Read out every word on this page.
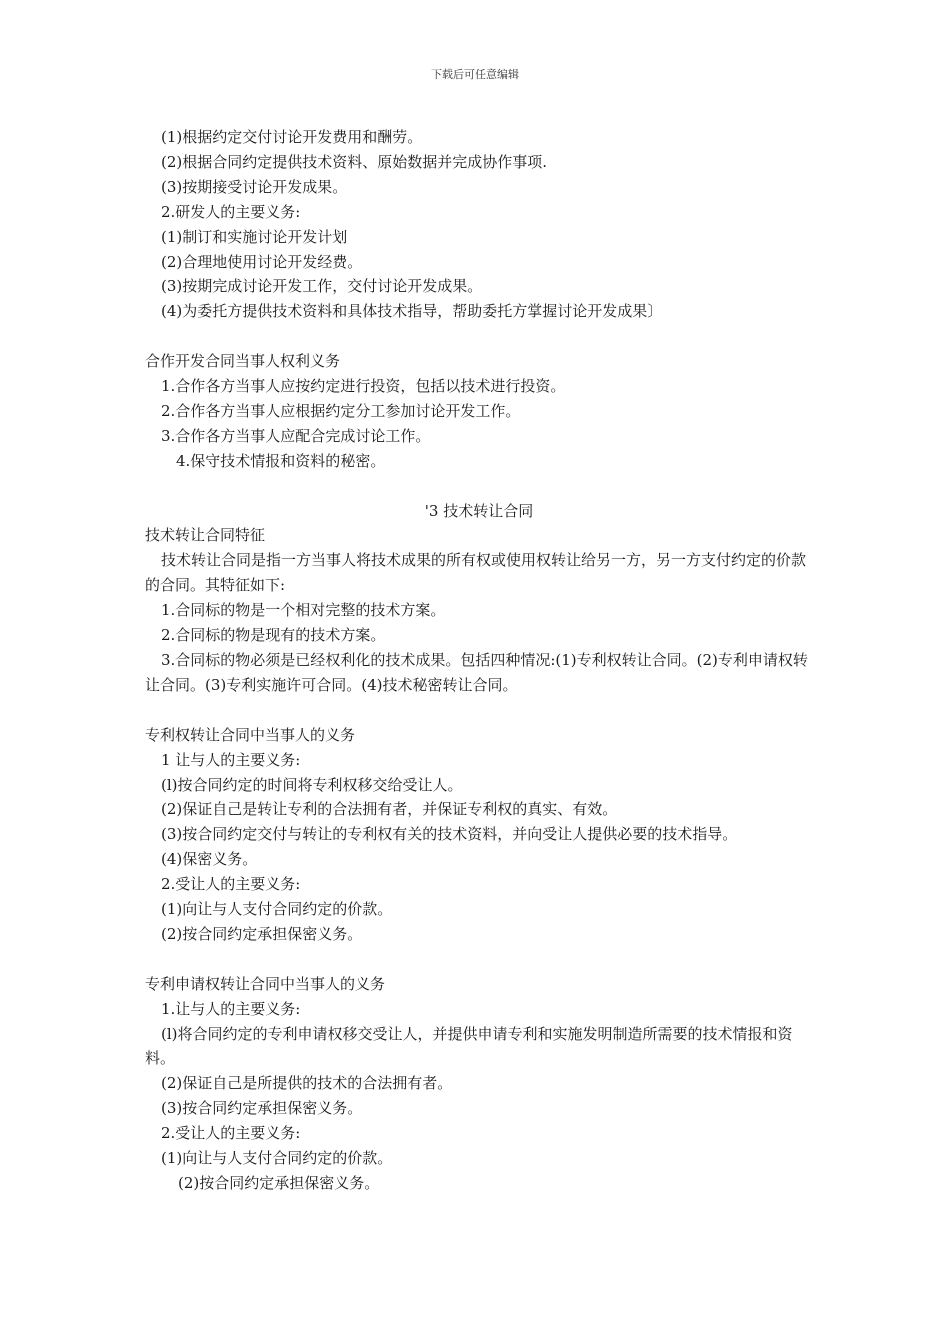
下载后可任意编辑
(1)根据约定交付讨论开发费用和酬劳。
(2)根据合同约定提供技术资料、原始数据并完成协作事项.
(3)按期接受讨论开发成果。
2.研发人的主要义务:
(1)制订和实施讨论开发计划
(2)合理地使用讨论开发经费。
(3)按期完成讨论开发工作，交付讨论开发成果。
(4)为委托方提供技术资料和具体技术指导，帮助委托方掌握讨论开发成果〕
合作开发合同当事人权利义务
1.合作各方当事人应按约定进行投资，包括以技术进行投资。
2.合作各方当事人应根据约定分工参加讨论开发工作。
3.合作各方当事人应配合完成讨论工作。
4.保守技术情报和资料的秘密。
'3 技术转让合同
技术转让合同特征
技术转让合同是指一方当事人将技术成果的所有权或使用权转让给另一方，另一方支付约定的价款的合同。其特征如下:
1.合同标的物是一个相对完整的技术方案。
2.合同标的物是现有的技术方案。
3.合同标的物必须是已经权利化的技术成果。包括四种情况:(1)专利权转让合同。(2)专利申请权转让合同。(3)专利实施许可合同。(4)技术秘密转让合同。
专利权转让合同中当事人的义务
1 让与人的主要义务:
(l)按合同约定的时间将专利权移交给受让人。
(2)保证自己是转让专利的合法拥有者，并保证专利权的真实、有效。
(3)按合同约定交付与转让的专利权有关的技术资料，并向受让人提供必要的技术指导。
(4)保密义务。
2.受让人的主要义务:
(1)向让与人支付合同约定的价款。
(2)按合同约定承担保密义务。
专利申请权转让合同中当事人的义务
1.让与人的主要义务:
(l)将合同约定的专利申请权移交受让人，并提供申请专利和实施发明制造所需要的技术情报和资料。
(2)保证自己是所提供的技术的合法拥有者。
(3)按合同约定承担保密义务。
2.受让人的主要义务:
(1)向让与人支付合同约定的价款。
(2)按合同约定承担保密义务。
